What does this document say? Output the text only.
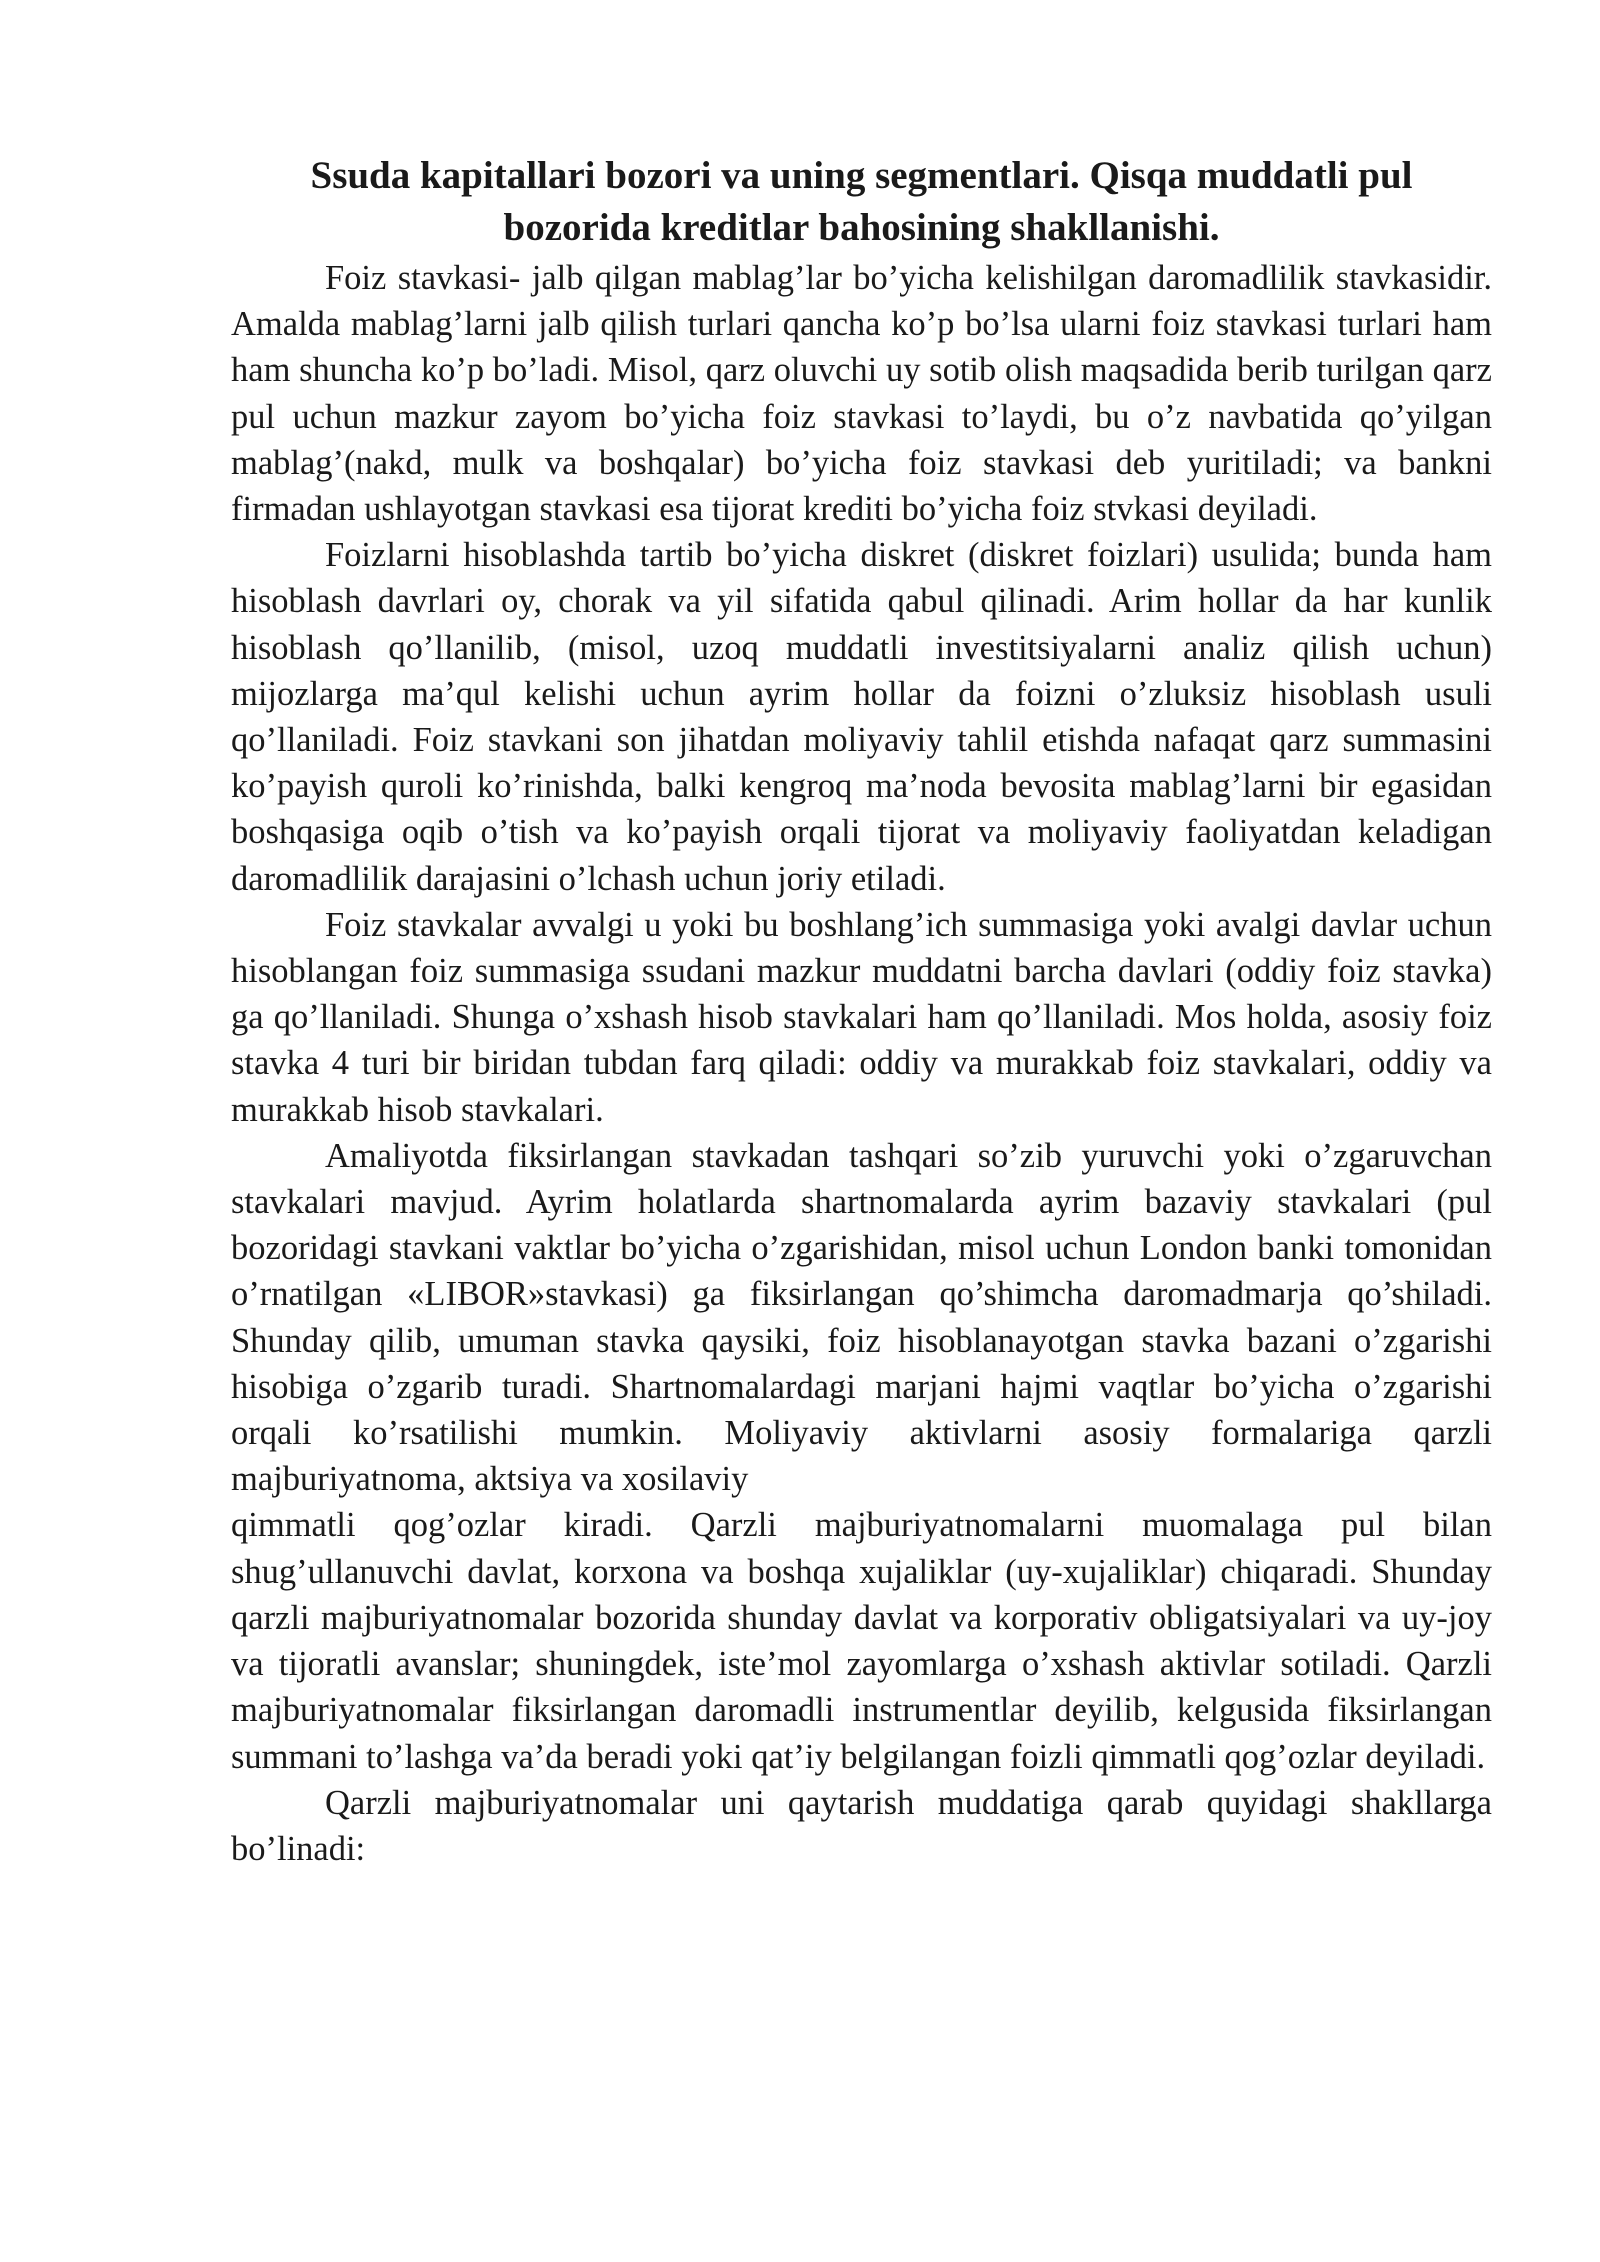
Ssuda kapitallari bozori va uning segmentlari. Qisqa muddatli pul
bozorida kreditlar bahosining shakllanishi.

Foiz stavkasi- jalb qilgan mablag’lar bo’yicha kelishilgan daromadlilik stavkasidir. Amalda mablag’larni jalb qilish turlari qancha ko’p bo’lsa ularni foiz stavkasi turlari ham ham shuncha ko’p bo’ladi. Misol, qarz oluvchi uy sotib olish maqsadida berib turilgan qarz pul uchun mazkur zayom bo’yicha foiz stavkasi to’laydi, bu o’z navbatida qo’yilgan mablag’(nakd, mulk va boshqalar) bo’yicha foiz stavkasi deb yuritiladi; va bankni firmadan ushlayotgan stavkasi esa tijorat krediti bo’yicha foiz stvkasi deyiladi.

Foizlarni hisoblashda tartib bo’yicha diskret (diskret foizlari) usulida; bunda ham hisoblash davrlari oy, chorak va yil sifatida qabul qilinadi. Arim hollar da har kunlik hisoblash qo’llanilib, (misol, uzoq muddatli investitsiyalarni analiz qilish uchun) mijozlarga ma’qul kelishi uchun ayrim hollar da foizni o’zluksiz hisoblash usuli qo’llaniladi. Foiz stavkani son jihatdan moliyaviy tahlil etishda nafaqat qarz summasini ko’payish quroli ko’rinishda, balki kengroq ma’noda bevosita mablag’larni bir egasidan boshqasiga oqib o’tish va ko’payish orqali tijorat va moliyaviy faoliyatdan keladigan daromadlilik darajasini o’lchash uchun joriy etiladi.

Foiz stavkalar avvalgi u yoki bu boshlang’ich summasiga yoki avalgi davlar uchun hisoblangan foiz summasiga ssudani mazkur muddatni barcha davlari (oddiy foiz stavka) ga qo’llaniladi. Shunga o’xshash hisob stavkalari ham qo’llaniladi. Mos holda, asosiy foiz stavka 4 turi bir biridan tubdan farq qiladi: oddiy va murakkab foiz stavkalari, oddiy va murakkab hisob stavkalari.

Amaliyotda fiksirlangan stavkadan tashqari so’zib yuruvchi yoki o’zgaruvchan stavkalari mavjud. Ayrim holatlarda shartnomalarda ayrim bazaviy stavkalari (pul bozoridagi stavkani vaktlar bo’yicha o’zgarishidan, misol uchun London banki tomonidan o’rnatilgan «LIBOR»stavkasi) ga fiksirlangan qo’shimcha daromadmarja qo’shiladi. Shunday qilib, umuman stavka qaysiki, foiz hisoblanayotgan stavka bazani o’zgarishi hisobiga o’zgarib turadi. Shartnomalardagi marjani hajmi vaqtlar bo’yicha o’zgarishi orqali ko’rsatilishi mumkin. Moliyaviy aktivlarni asosiy formalariga qarzli majburiyatnoma, aktsiya va xosilaviy

qimmatli qog’ozlar kiradi. Qarzli majburiyatnomalarni muomalaga pul bilan shug’ullanuvchi davlat, korxona va boshqa xujaliklar (uy-xujaliklar) chiqaradi. Shunday qarzli majburiyatnomalar bozorida shunday davlat va korporativ obligatsiyalari va uy-joy va tijoratli avanslar; shuningdek, iste’mol zayomlarga o’xshash aktivlar sotiladi. Qarzli majburiyatnomalar fiksirlangan daromadli instrumentlar deyilib, kelgusida fiksirlangan summani to’lashga va’da beradi yoki qat’iy belgilangan foizli qimmatli qog’ozlar deyiladi.

Qarzli majburiyatnomalar uni qaytarish muddatiga qarab quyidagi shakllarga bo’linadi:
